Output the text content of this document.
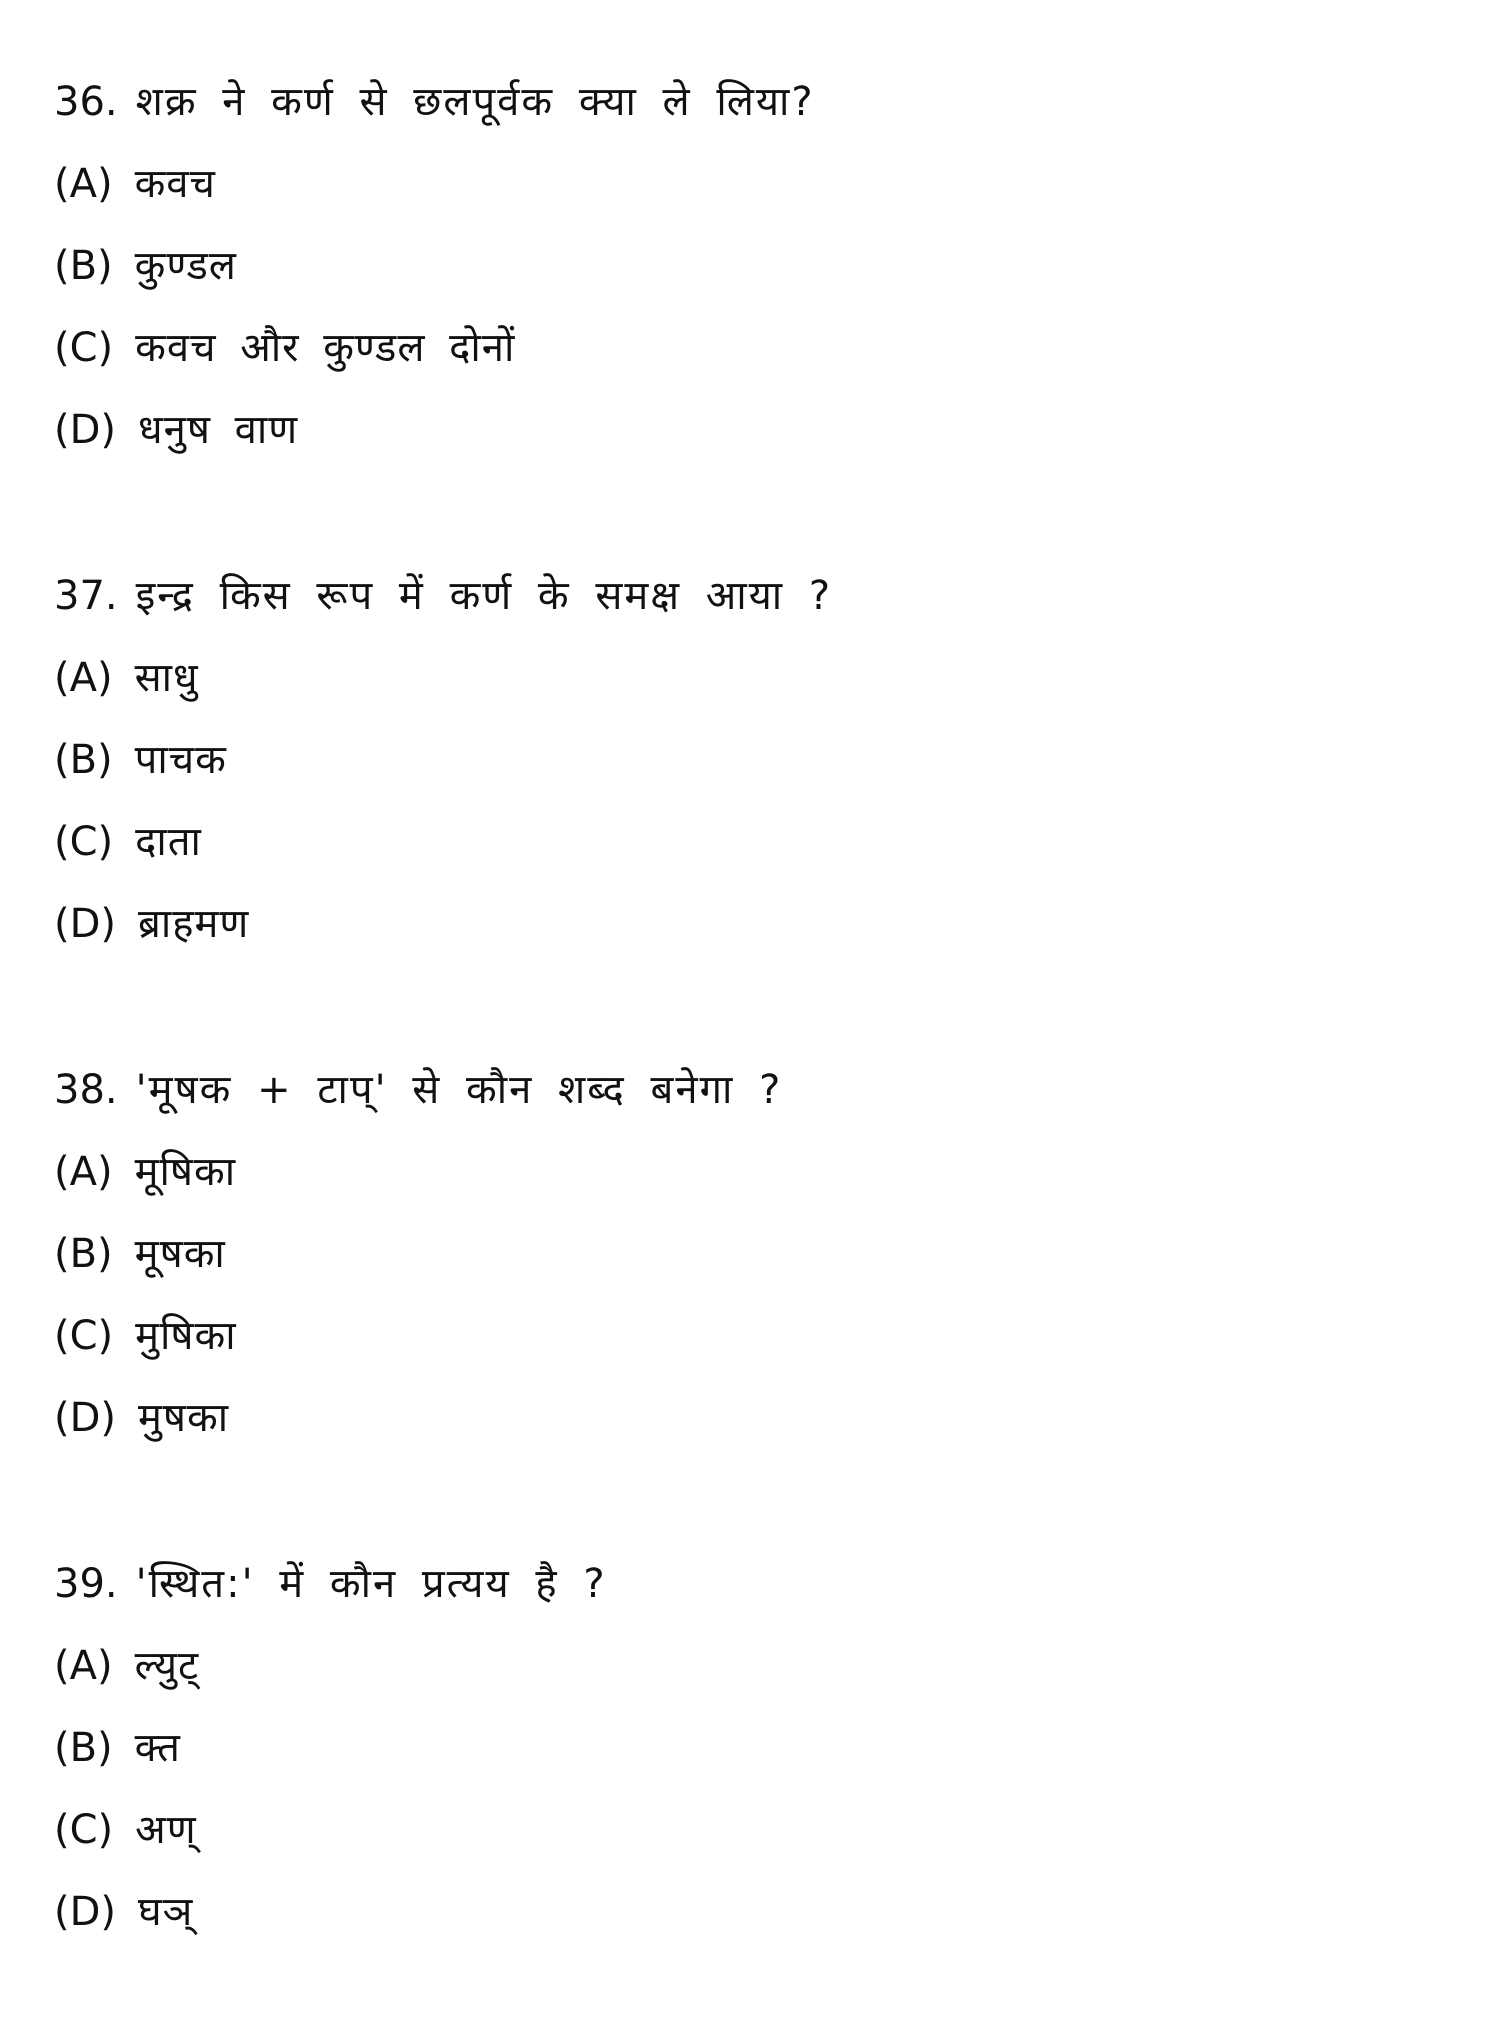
36. शक्र ने कर्ण से छलपूर्वक क्या ले लिया?
(A) कवच
(B) कुण्डल
(C) कवच और कुण्डल दोनों
(D) धनुष वाण
37. इन्द्र किस रूप में कर्ण के समक्ष आया ?
(A) साधु
(B) पाचक
(C) दाता
(D) ब्राहमण
38. 'मूषक + टाप्' से कौन शब्द बनेगा ?
(A) मूषिका
(B) मूषका
(C) मुषिका
(D) मुषका
39. 'स्थित:' में कौन प्रत्यय है ?
(A) ल्युट्
(B) क्त
(C) अण्
(D) घञ्
